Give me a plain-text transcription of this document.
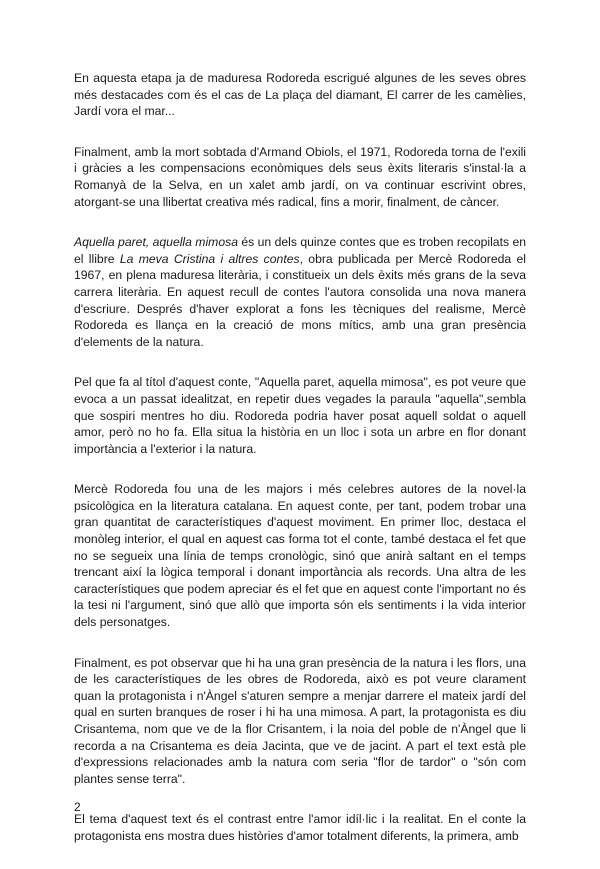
En aquesta etapa ja de maduresa Rodoreda escrigué algunes de les seves obres més destacades com és el cas de La plaça del diamant, El carrer de les camèlies, Jardí vora el mar...

Finalment, amb la mort sobtada d'Armand Obiols, el 1971, Rodoreda torna de l'exili i gràcies a les compensacions econòmiques dels seus èxits literaris s'instal·la a Romanyà de la Selva, en un xalet amb jardí, on va continuar escrivint obres, atorgant-se una llibertat creativa més radical, fins a morir, finalment, de càncer.

Aquella paret, aquella mimosa és un dels quinze contes que es troben recopilats en el llibre La meva Cristina i altres contes, obra publicada per Mercè Rodoreda el 1967, en plena maduresa literària, i constitueix un dels èxits més grans de la seva carrera literària. En aquest recull de contes l'autora consolida una nova manera d'escriure. Després d'haver explorat a fons les tècniques del realisme, Mercè Rodoreda es llança en la creació de mons mítics, amb una gran presència d'elements de la natura.

Pel que fa al títol d'aquest conte, "Aquella paret, aquella mimosa", es pot veure que evoca a un passat idealitzat, en repetir dues vegades la paraula "aquella",sembla que sospiri mentres ho diu. Rodoreda podria haver posat aquell soldat o aquell amor, però no ho fa. Ella situa la història en un lloc i sota un arbre en flor donant importància a l'exterior i la natura.

Mercè Rodoreda fou una de les majors i més celebres autores de la novel·la psicològica en la literatura catalana. En aquest conte, per tant, podem trobar una gran quantitat de característiques d'aquest moviment. En primer lloc, destaca el monòleg interior, el qual en aquest cas forma tot el conte, també destaca el fet que no se segueix una línia de temps cronològic, sinó que anirà saltant en el temps trencant així la lògica temporal i donant importància als records. Una altra de les característiques que podem apreciar és el fet que en aquest conte l'important no és la tesi ni l'argument, sinó que allò que importa són els sentiments i la vida interior dels personatges.

Finalment, es pot observar que hi ha una gran presència de la natura i les flors, una de les característiques de les obres de Rodoreda, això es pot veure clarament quan la protagonista i n'Àngel s'aturen sempre a menjar darrere el mateix jardí del qual en surten branques de roser i hi ha una mimosa. A part, la protagonista es diu Crisantema, nom que ve de la flor Crisantem, i la noia del poble de n'Àngel que li recorda a na Crisantema es deia Jacinta, que ve de jacint. A part el text està ple d'expressions relacionades amb la natura com seria "flor de tardor" o "són com plantes sense terra".

El tema d'aquest text és el contrast entre l'amor idíl·lic i la realitat. En el conte la protagonista ens mostra dues històries d'amor totalment diferents, la primera, amb

2
